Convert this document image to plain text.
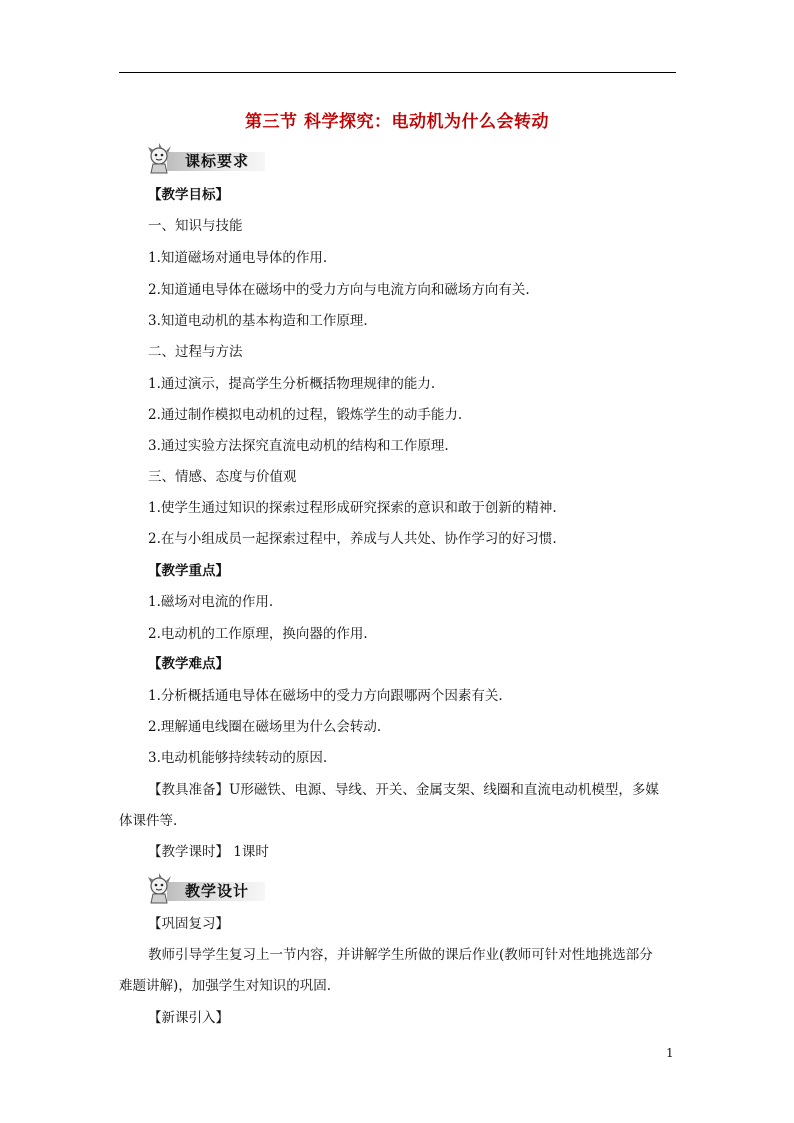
第三节 科学探究：电动机为什么会转动
课标要求
【教学目标】
一、知识与技能
1.知道磁场对通电导体的作用.
2.知道通电导体在磁场中的受力方向与电流方向和磁场方向有关.
3.知道电动机的基本构造和工作原理.
二、过程与方法
1.通过演示，提高学生分析概括物理规律的能力.
2.通过制作模拟电动机的过程，锻炼学生的动手能力.
3.通过实验方法探究直流电动机的结构和工作原理.
三、情感、态度与价值观
1.使学生通过知识的探索过程形成研究探索的意识和敢于创新的精神.
2.在与小组成员一起探索过程中，养成与人共处、协作学习的好习惯.
【教学重点】
1.磁场对电流的作用.
2.电动机的工作原理，换向器的作用.
【教学难点】
1.分析概括通电导体在磁场中的受力方向跟哪两个因素有关.
2.理解通电线圈在磁场里为什么会转动.
3.电动机能够持续转动的原因.
【教具准备】U形磁铁、电源、导线、开关、金属支架、线圈和直流电动机模型，多媒
体课件等.
【教学课时】 1课时
教学设计
【巩固复习】
教师引导学生复习上一节内容，并讲解学生所做的课后作业(教师可针对性地挑选部分
难题讲解)，加强学生对知识的巩固.
【新课引入】
1
